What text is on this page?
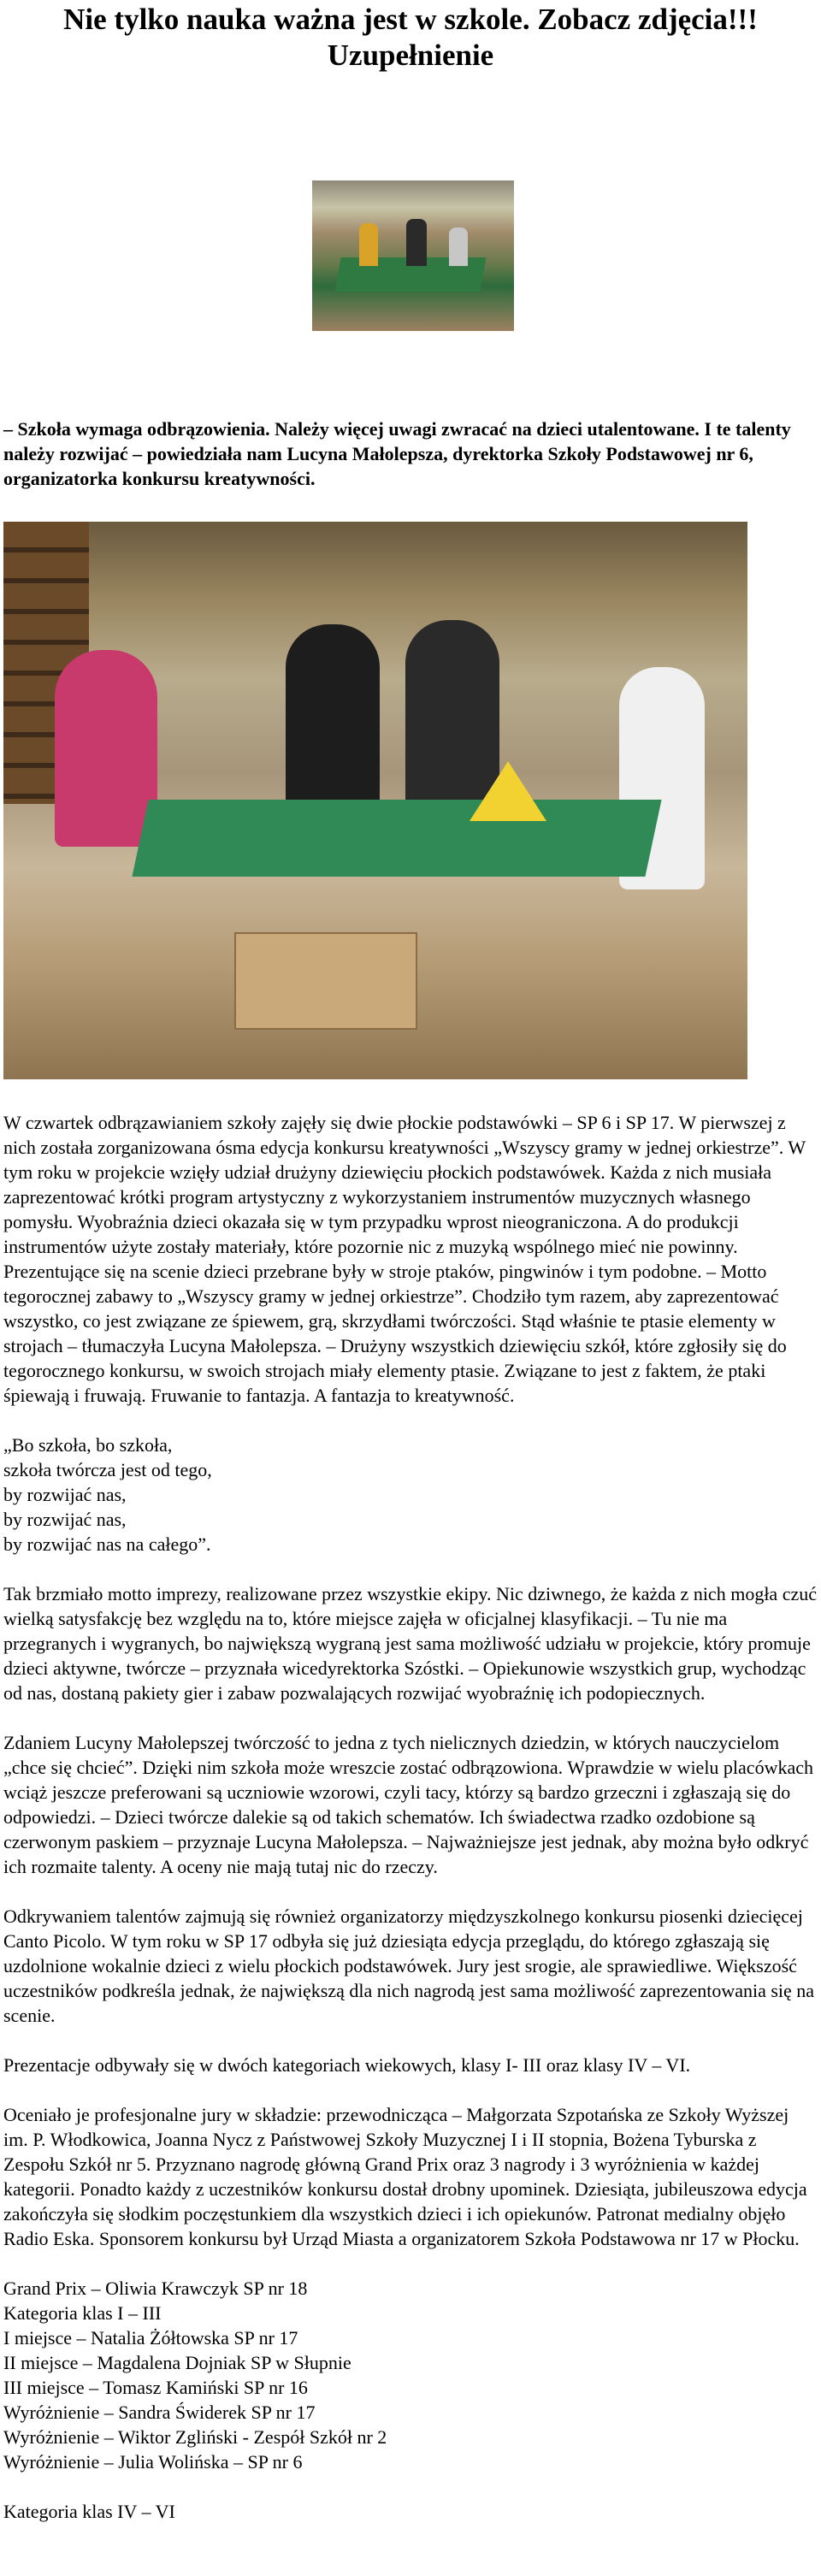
Nie tylko nauka ważna jest w szkole. Zobacz zdjęcia!!!
Uzupełnienie

– Szkoła wymaga odbrązowienia. Należy więcej uwagi zwracać na dzieci utalentowane. I te talenty należy rozwijać – powiedziała nam Lucyna Małolepsza, dyrektorka Szkoły Podstawowej nr 6, organizatorka konkursu kreatywności.

W czwartek odbrązawianiem szkoły zajęły się dwie płockie podstawówki – SP 6 i SP 17. W pierwszej z nich została zorganizowana ósma edycja konkursu kreatywności „Wszyscy gramy w jednej orkiestrze”. W tym roku w projekcie wzięły udział drużyny dziewięciu płockich podstawówek. Każda z nich musiała zaprezentować krótki program artystyczny z wykorzystaniem instrumentów muzycznych własnego pomysłu. Wyobraźnia dzieci okazała się w tym przypadku wprost nieograniczona. A do produkcji instrumentów użyte zostały materiały, które pozornie nic z muzyką wspólnego mieć nie powinny. Prezentujące się na scenie dzieci przebrane były w stroje ptaków, pingwinów i tym podobne. – Motto tegorocznej zabawy to „Wszyscy gramy w jednej orkiestrze”. Chodziło tym razem, aby zaprezentować wszystko, co jest związane ze śpiewem, grą, skrzydłami twórczości. Stąd właśnie te ptasie elementy w strojach – tłumaczyła Lucyna Małolepsza. – Drużyny wszystkich dziewięciu szkół, które zgłosiły się do tegorocznego konkursu, w swoich strojach miały elementy ptasie. Związane to jest z faktem, że ptaki śpiewają i fruwają. Fruwanie to fantazja. A fantazja to kreatywność.

„Bo szkoła, bo szkoła,
szkoła twórcza jest od tego,
by rozwijać nas,
by rozwijać nas,
by rozwijać nas na całego”.

Tak brzmiało motto imprezy, realizowane przez wszystkie ekipy. Nic dziwnego, że każda z nich mogła czuć wielką satysfakcję bez względu na to, które miejsce zajęła w oficjalnej klasyfikacji. – Tu nie ma przegranych i wygranych, bo największą wygraną jest sama możliwość udziału w projekcie, który promuje dzieci aktywne, twórcze – przyznała wicedyrektorka Szóstki. – Opiekunowie wszystkich grup, wychodząc od nas, dostaną pakiety gier i zabaw pozwalających rozwijać wyobraźnię ich podopiecznych.

Zdaniem Lucyny Małolepszej twórczość to jedna z tych nielicznych dziedzin, w których nauczycielom „chce się chcieć”. Dzięki nim szkoła może wreszcie zostać odbrązowiona. Wprawdzie w wielu placówkach wciąż jeszcze preferowani są uczniowie wzorowi, czyli tacy, którzy są bardzo grzeczni i zgłaszają się do odpowiedzi. – Dzieci twórcze dalekie są od takich schematów. Ich świadectwa rzadko ozdobione są czerwonym paskiem – przyznaje Lucyna Małolepsza. – Najważniejsze jest jednak, aby można było odkryć ich rozmaite talenty. A oceny nie mają tutaj nic do rzeczy.

Odkrywaniem talentów zajmują się również organizatorzy międzyszkolnego konkursu piosenki dziecięcej Canto Picolo. W tym roku w SP 17 odbyła się już dziesiąta edycja przeglądu, do którego zgłaszają się uzdolnione wokalnie dzieci z wielu płockich podstawówek. Jury jest srogie, ale sprawiedliwe. Większość uczestników podkreśla jednak, że największą dla nich nagrodą jest sama możliwość zaprezentowania się na scenie.

Prezentacje odbywały się w dwóch kategoriach wiekowych, klasy I- III oraz klasy IV – VI.

Oceniało je profesjonalne jury w składzie: przewodnicząca – Małgorzata Szpotańska ze Szkoły Wyższej im. P. Włodkowica, Joanna Nycz z Państwowej Szkoły Muzycznej I i II stopnia, Bożena Tyburska z Zespołu Szkół nr 5. Przyznano nagrodę główną Grand Prix oraz 3 nagrody i 3 wyróżnienia w każdej kategorii. Ponadto każdy z uczestników konkursu dostał drobny upominek. Dziesiąta, jubileuszowa edycja zakończyła się słodkim poczęstunkiem dla wszystkich dzieci i ich opiekunów. Patronat medialny objęło Radio Eska. Sponsorem konkursu był Urząd Miasta a organizatorem Szkoła Podstawowa nr 17 w Płocku.

Grand Prix – Oliwia Krawczyk SP nr 18
Kategoria klas I – III
I miejsce – Natalia Żółtowska SP nr 17
II miejsce – Magdalena Dojniak SP w Słupnie
III miejsce – Tomasz Kamiński SP nr 16
Wyróżnienie – Sandra Świderek SP nr 17
Wyróżnienie – Wiktor Zgliński - Zespół Szkół nr 2
Wyróżnienie – Julia Wolińska – SP nr 6
Kategoria klas IV – VI
